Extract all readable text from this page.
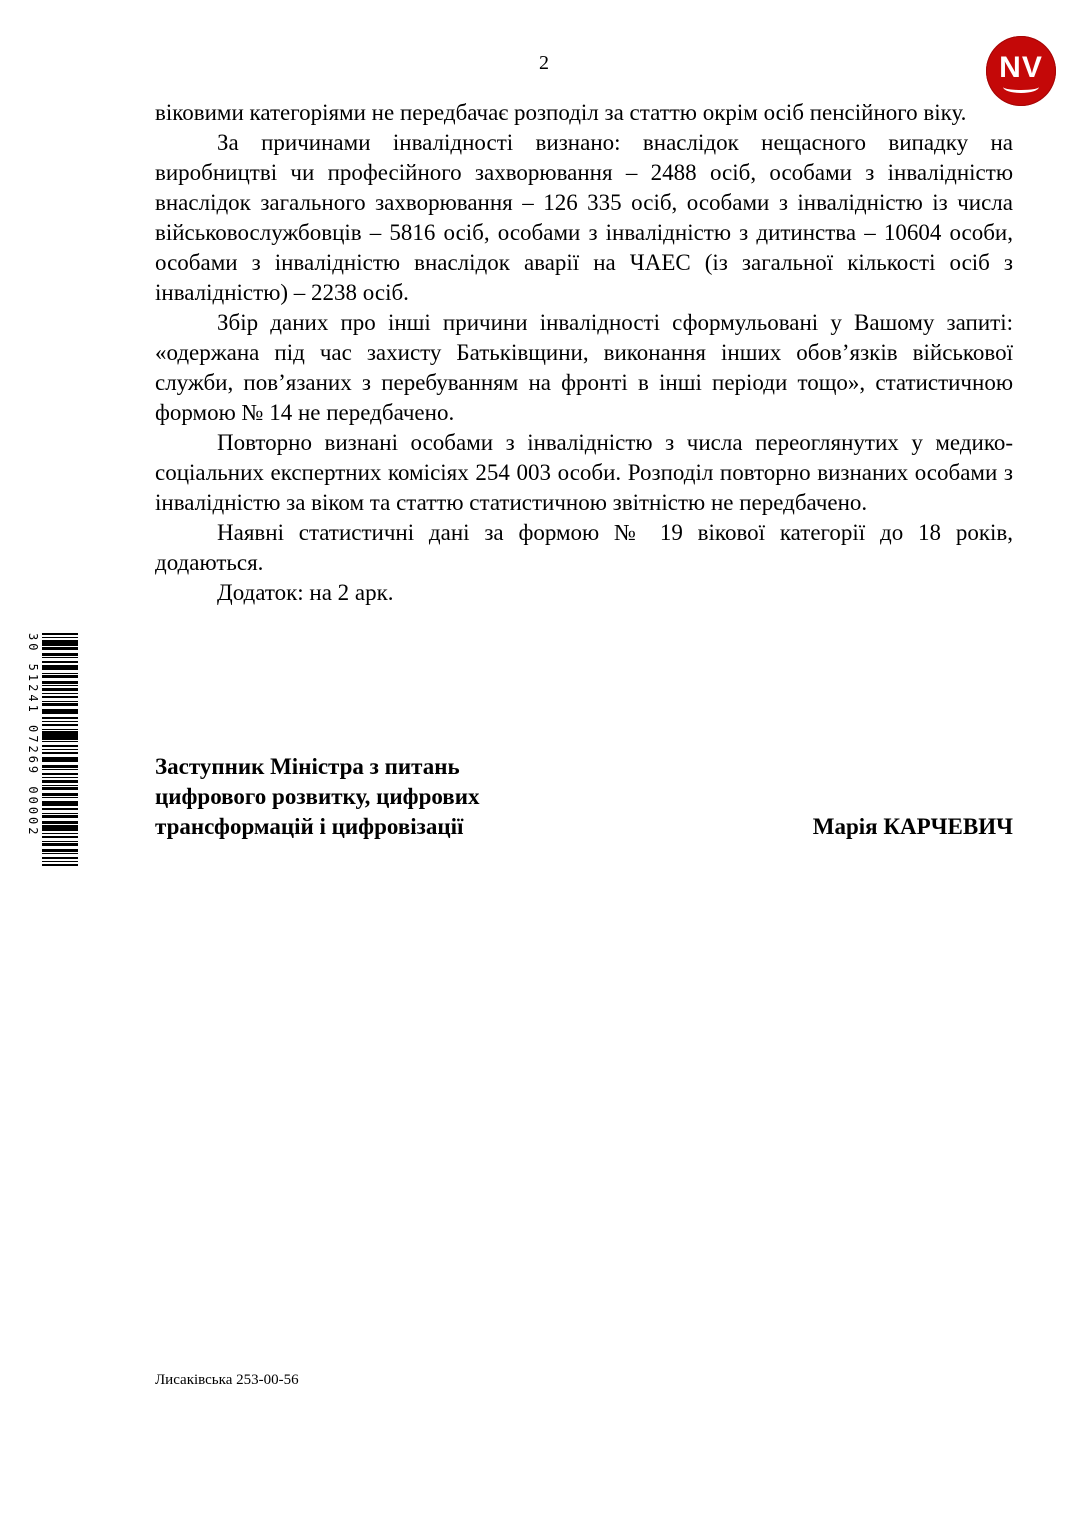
2	NV

віковими категоріями не передбачає розподіл за статтю окрім осіб пенсійного віку.

За причинами інвалідності визнано: внаслідок нещасного випадку на виробництві чи професійного захворювання – 2488 осіб, особами з інвалідністю внаслідок загального захворювання – 126 335 осіб, особами з інвалідністю із числа військовослужбовців – 5816 осіб, особами з інвалідністю з дитинства – 10604 особи, особами з інвалідністю внаслідок аварії на ЧАЕС (із загальної кількості осіб з інвалідністю) – 2238 осіб.

Збір даних про інші причини інвалідності сформульовані у Вашому запиті: «одержана під час захисту Батьківщини, виконання інших обов’язків військової служби, пов’язаних з перебуванням на фронті в інші періоди тощо», статистичною формою № 14 не передбачено.

Повторно визнані особами з інвалідністю з числа переоглянутих у медико-соціальних експертних комісіях 254 003 особи. Розподіл повторно визнаних особами з інвалідністю за віком та статтю статистичною звітністю не передбачено.

Наявні статистичні дані за формою № 19 вікової категорії до 18 років, додаються.

Додаток: на 2 арк.

Заступник Міністра з питань
цифрового розвитку, цифрових
трансформацій і цифровізації	Марія КАРЧЕВИЧ
30 51241 07269 00002
Лисаківська 253-00-56
